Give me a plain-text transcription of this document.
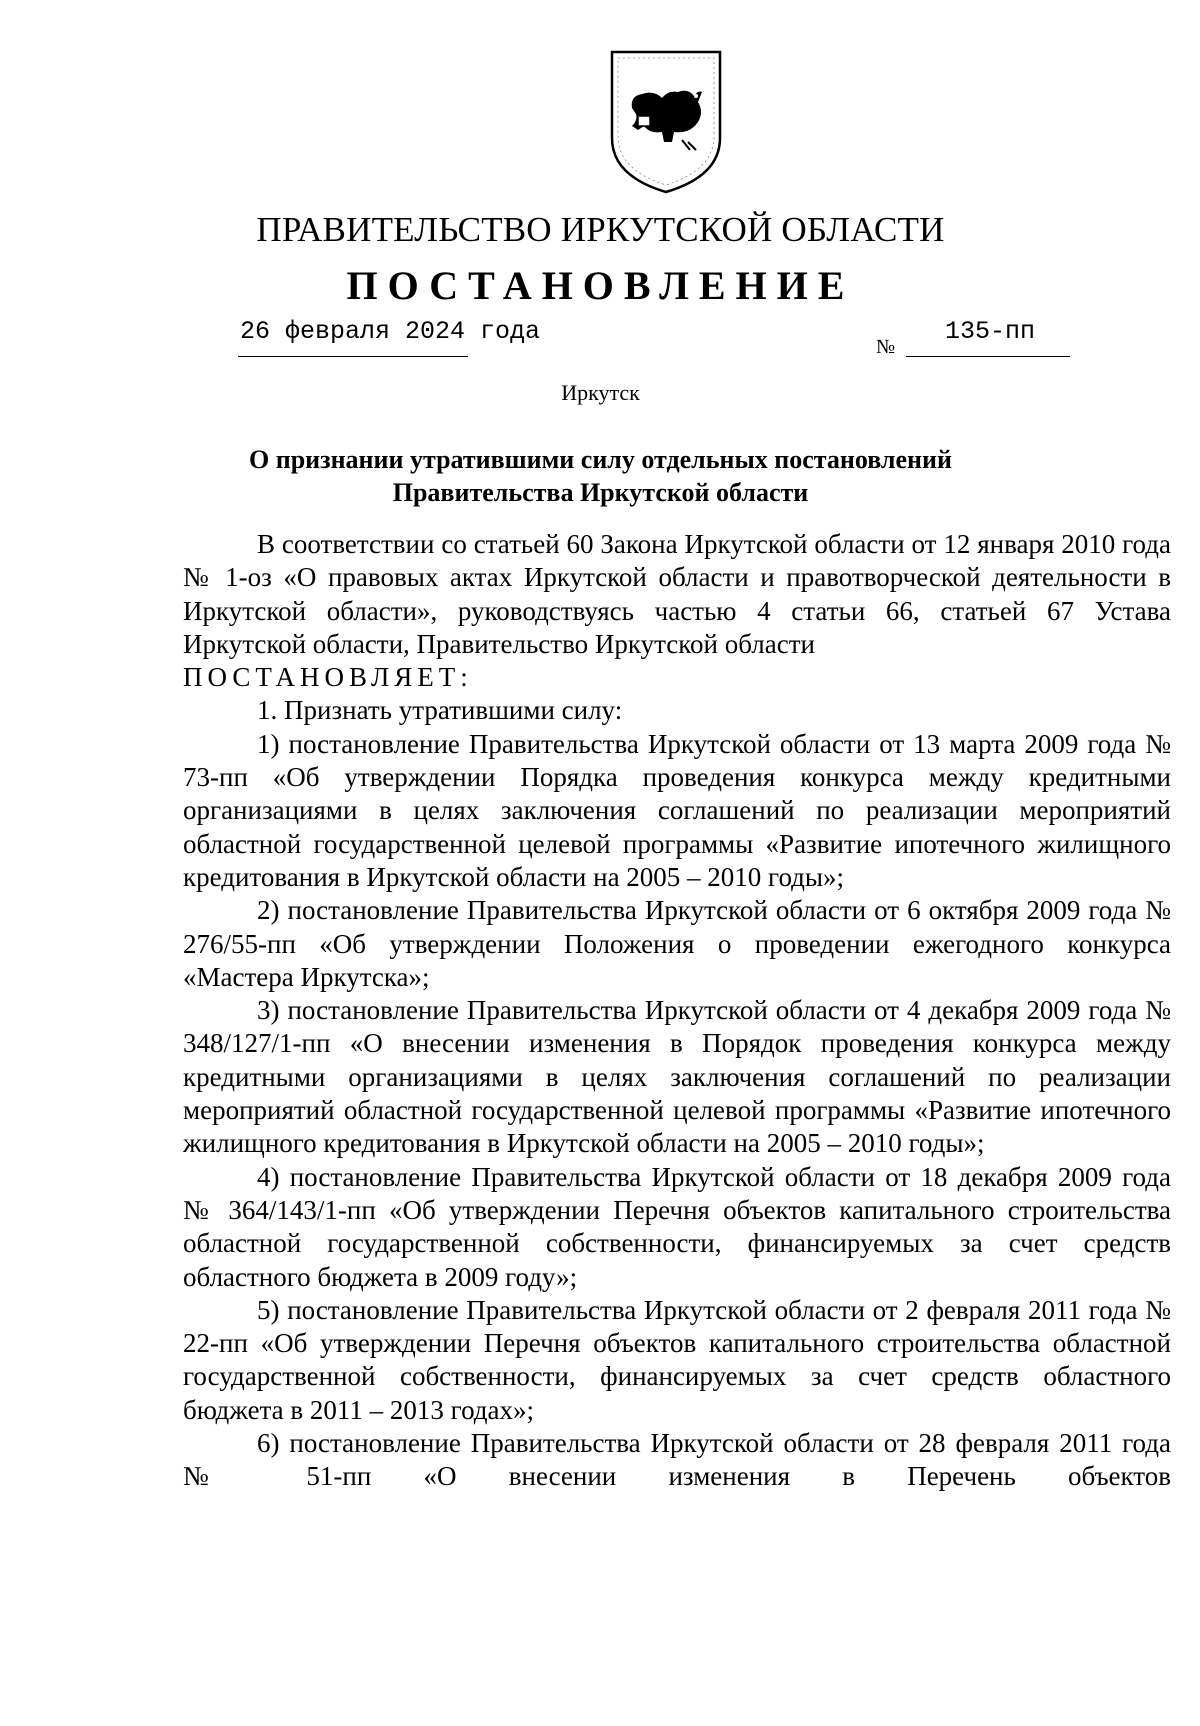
ПРАВИТЕЛЬСТВО ИРКУТСКОЙ ОБЛАСТИ
ПОСТАНОВЛЕНИЕ
26 февраля 2024 года
№
135-пп
Иркутск
О признании утратившими силу отдельных постановлений
Правительства Иркутской области

В соответствии со статьей 60 Закона Иркутской области от 12 января 2010 года № 1-оз «О правовых актах Иркутской области и правотворческой деятельности в Иркутской области», руководствуясь частью 4 статьи 66, статьей 67 Устава Иркутской области, Правительство Иркутской области

ПОСТАНОВЛЯЕТ:

1. Признать утратившими силу:

1) постановление Правительства Иркутской области от 13 марта 2009 года № 73-пп «Об утверждении Порядка проведения конкурса между кредитными организациями в целях заключения соглашений по реализации мероприятий областной государственной целевой программы «Развитие ипотечного жилищного кредитования в Иркутской области на 2005 – 2010 годы»;

2) постановление Правительства Иркутской области от 6 октября 2009 года № 276/55-пп «Об утверждении Положения о проведении ежегодного конкурса «Мастера Иркутска»;

3) постановление Правительства Иркутской области от 4 декабря 2009 года № 348/127/1-пп «О внесении изменения в Порядок проведения конкурса между кредитными организациями в целях заключения соглашений по реализации мероприятий областной государственной целевой программы «Развитие ипотечного жилищного кредитования в Иркутской области на 2005 – 2010 годы»;

4) постановление Правительства Иркутской области от 18 декабря 2009 года № 364/143/1-пп «Об утверждении Перечня объектов капитального строительства областной государственной собственности, финансируемых за счет средств областного бюджета в 2009 году»;

5) постановление Правительства Иркутской области от 2 февраля 2011 года № 22-пп «Об утверждении Перечня объектов капитального строительства областной государственной собственности, финансируемых за счет средств областного бюджета в 2011 – 2013 годах»;

6) постановление Правительства Иркутской области от 28 февраля 2011 года № 51-пп «О внесении изменения в Перечень объектов
